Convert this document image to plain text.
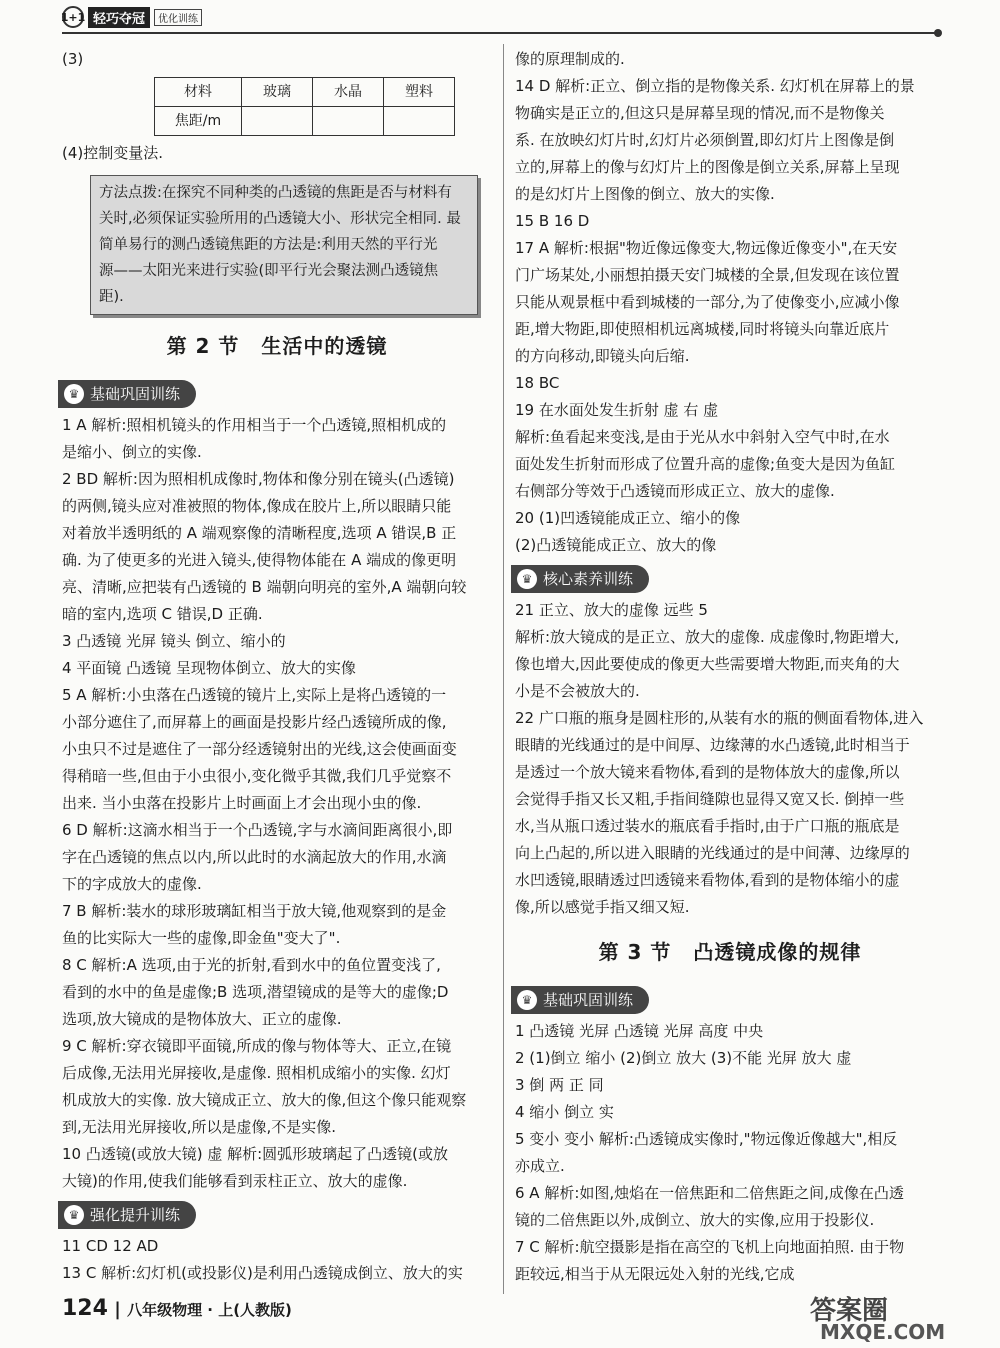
1+1 轻巧夺冠	优化训练
(3)
材料	玻璃	水晶	塑料
焦距/m			
(4)控制变量法.
方法点拨:在探究不同种类的凸透镜的焦距是否与材料有
关时,必须保证实验所用的凸透镜大小、形状完全相同. 最
简单易行的测凸透镜焦距的方法是:利用天然的平行光
源——太阳光来进行实验(即平行光会聚法测凸透镜焦
距).
第 2 节 生活中的透镜
♛ 基础巩固训练
1 A 解析:照相机镜头的作用相当于一个凸透镜,照相机成的
是缩小、倒立的实像.
2 BD 解析:因为照相机成像时,物体和像分别在镜头(凸透镜)
的两侧,镜头应对准被照的物体,像成在胶片上,所以眼睛只能
对着放半透明纸的 A 端观察像的清晰程度,选项 A 错误,B 正
确. 为了使更多的光进入镜头,使得物体能在 A 端成的像更明
亮、清晰,应把装有凸透镜的 B 端朝向明亮的室外,A 端朝向较
暗的室内,选项 C 错误,D 正确.
3 凸透镜 光屏 镜头 倒立、缩小的
4 平面镜 凸透镜 呈现物体倒立、放大的实像
5 A 解析:小虫落在凸透镜的镜片上,实际上是将凸透镜的一
小部分遮住了,而屏幕上的画面是投影片经凸透镜所成的像,
小虫只不过是遮住了一部分经透镜射出的光线,这会使画面变
得稍暗一些,但由于小虫很小,变化微乎其微,我们几乎觉察不
出来. 当小虫落在投影片上时画面上才会出现小虫的像.
6 D 解析:这滴水相当于一个凸透镜,字与水滴间距离很小,即
字在凸透镜的焦点以内,所以此时的水滴起放大的作用,水滴
下的字成放大的虚像.
7 B 解析:装水的球形玻璃缸相当于放大镜,他观察到的是金
鱼的比实际大一些的虚像,即金鱼"变大了".
8 C 解析:A 选项,由于光的折射,看到水中的鱼位置变浅了,
看到的水中的鱼是虚像;B 选项,潜望镜成的是等大的虚像;D
选项,放大镜成的是物体放大、正立的虚像.
9 C 解析:穿衣镜即平面镜,所成的像与物体等大、正立,在镜
后成像,无法用光屏接收,是虚像. 照相机成缩小的实像. 幻灯
机成放大的实像. 放大镜成正立、放大的像,但这个像只能观察
到,无法用光屏接收,所以是虚像,不是实像.
10 凸透镜(或放大镜) 虚 解析:圆弧形玻璃起了凸透镜(或放
大镜)的作用,使我们能够看到汞柱正立、放大的虚像.
♛ 强化提升训练
11 CD 12 AD
13 C 解析:幻灯机(或投影仪)是利用凸透镜成倒立、放大的实
像的原理制成的.
14 D 解析:正立、倒立指的是物像关系. 幻灯机在屏幕上的景
物确实是正立的,但这只是屏幕呈现的情况,而不是物像关
系. 在放映幻灯片时,幻灯片必须倒置,即幻灯片上图像是倒
立的,屏幕上的像与幻灯片上的图像是倒立关系,屏幕上呈现
的是幻灯片上图像的倒立、放大的实像.
15 B 16 D
17 A 解析:根据"物近像远像变大,物远像近像变小",在天安
门广场某处,小丽想拍摄天安门城楼的全景,但发现在该位置
只能从观景框中看到城楼的一部分,为了使像变小,应减小像
距,增大物距,即使照相机远离城楼,同时将镜头向靠近底片
的方向移动,即镜头向后缩.
18 BC
19 在水面处发生折射 虚 右 虚
解析:鱼看起来变浅,是由于光从水中斜射入空气中时,在水
面处发生折射而形成了位置升高的虚像;鱼变大是因为鱼缸
右侧部分等效于凸透镜而形成正立、放大的虚像.
20 (1)凹透镜能成正立、缩小的像
(2)凸透镜能成正立、放大的像
♛ 核心素养训练
21 正立、放大的虚像 远些 5
解析:放大镜成的是正立、放大的虚像. 成虚像时,物距增大,
像也增大,因此要使成的像更大些需要增大物距,而夹角的大
小是不会被放大的.
22 广口瓶的瓶身是圆柱形的,从装有水的瓶的侧面看物体,进入
眼睛的光线通过的是中间厚、边缘薄的水凸透镜,此时相当于
是透过一个放大镜来看物体,看到的是物体放大的虚像,所以
会觉得手指又长又粗,手指间缝隙也显得又宽又长. 倒掉一些
水,当从瓶口透过装水的瓶底看手指时,由于广口瓶的瓶底是
向上凸起的,所以进入眼睛的光线通过的是中间薄、边缘厚的
水凹透镜,眼睛透过凹透镜来看物体,看到的是物体缩小的虚
像,所以感觉手指又细又短.
第 3 节 凸透镜成像的规律
♛ 基础巩固训练
1 凸透镜 光屏 凸透镜 光屏 高度 中央
2 (1)倒立 缩小 (2)倒立 放大 (3)不能 光屏 放大 虚
3 倒 两 正 同
4 缩小 倒立 实
5 变小 变小 解析:凸透镜成实像时,"物远像近像越大",相反
亦成立.
6 A 解析:如图,烛焰在一倍焦距和二倍焦距之间,成像在凸透
镜的二倍焦距以外,成倒立、放大的实像,应用于投影仪.
7 C 解析:航空摄影是指在高空的飞机上向地面拍照. 由于物
距较远,相当于从无限远处入射的光线,它成
124 | 八年级物理 · 上(人教版)	答案圈
MXQE.COM
